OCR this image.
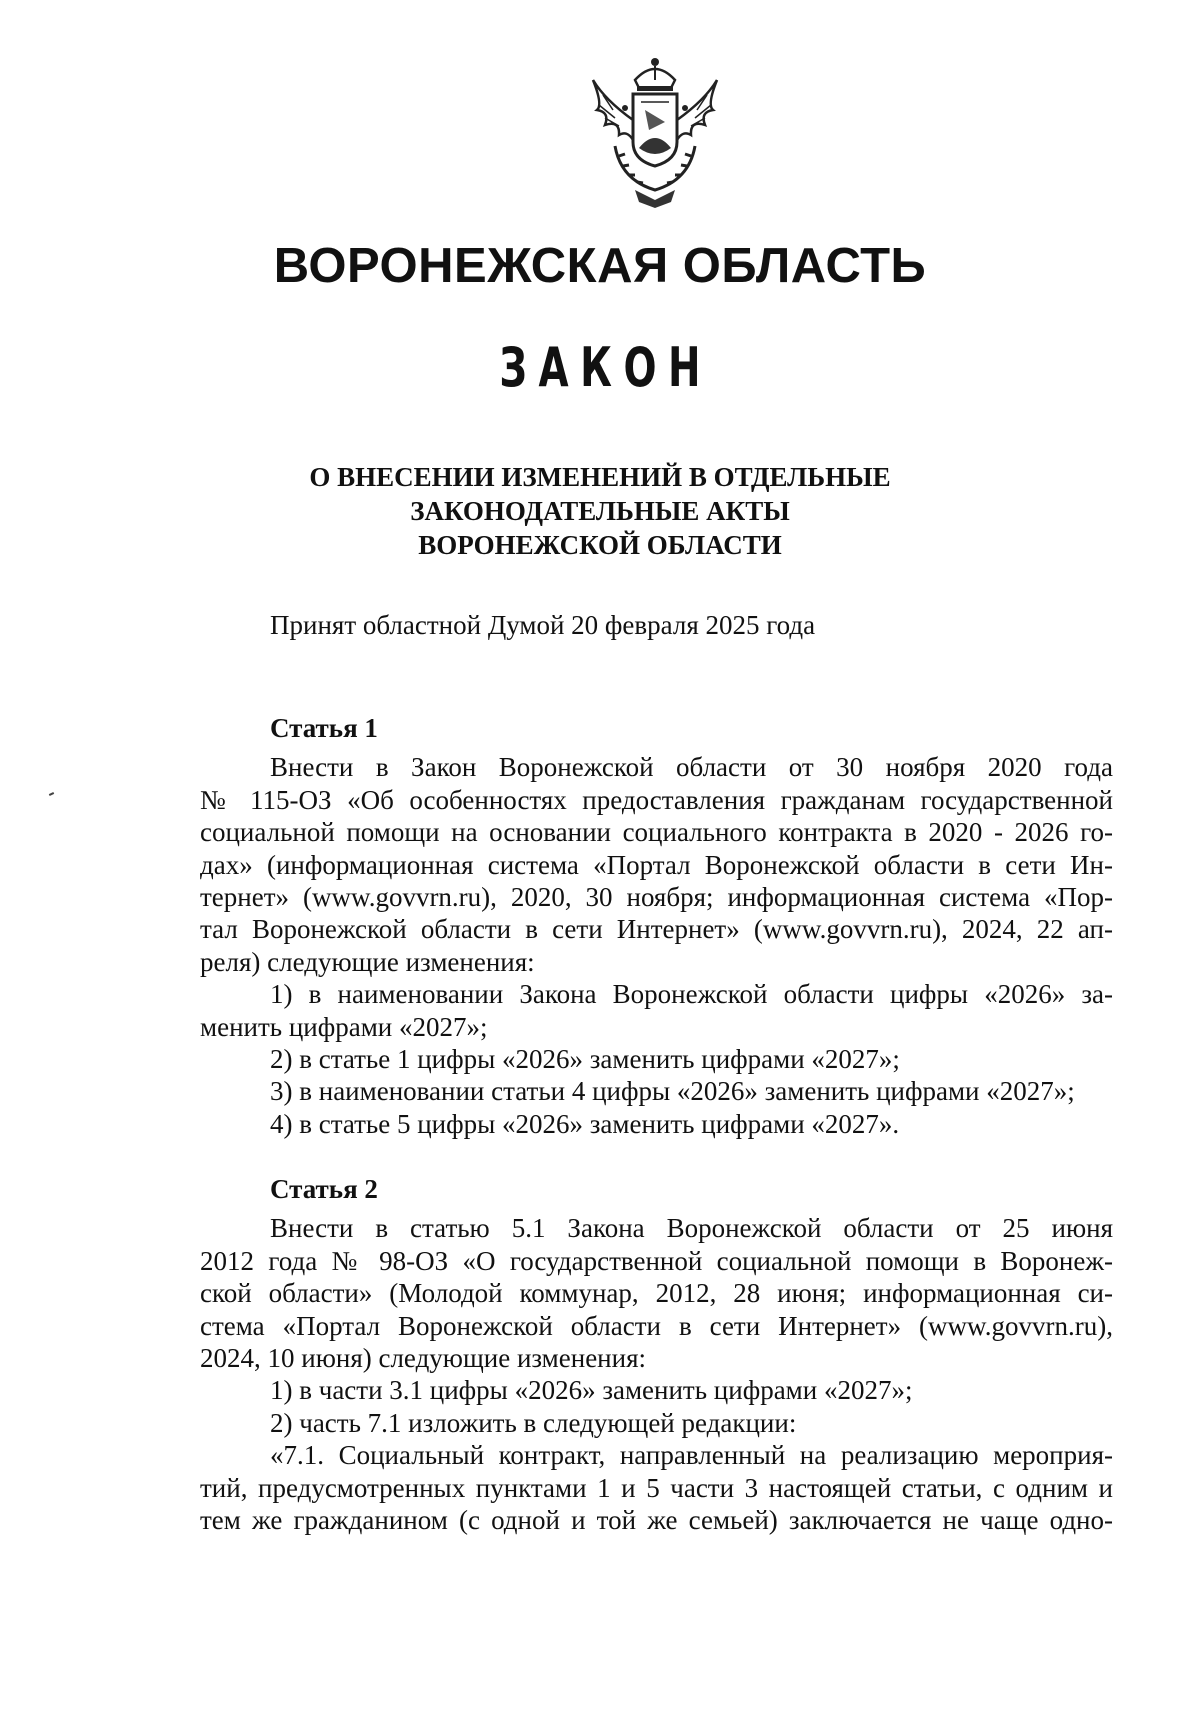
ВОРОНЕЖСКАЯ ОБЛАСТЬ
ЗАКОН
О ВНЕСЕНИИ ИЗМЕНЕНИЙ В ОТДЕЛЬНЫЕ
ЗАКОНОДАТЕЛЬНЫЕ АКТЫ
ВОРОНЕЖСКОЙ ОБЛАСТИ

Принят областной Думой 20 февраля 2025 года

Статья 1

Внести в Закон Воронежской области от 30 ноября 2020 года
№ 115-ОЗ «Об особенностях предоставления гражданам государственной
социальной помощи на основании социального контракта в 2020 - 2026 го-
дах» (информационная система «Портал Воронежской области в сети Ин-
тернет» (www.govvrn.ru), 2020, 30 ноября; информационная система «Пор-
тал Воронежской области в сети Интернет» (www.govvrn.ru), 2024, 22 ап-
реля) следующие изменения:

1) в наименовании Закона Воронежской области цифры «2026» за-
менить цифрами «2027»;

2) в статье 1 цифры «2026» заменить цифрами «2027»;

3) в наименовании статьи 4 цифры «2026» заменить цифрами «2027»;

4) в статье 5 цифры «2026» заменить цифрами «2027».

Статья 2

Внести в статью 5.1 Закона Воронежской области от 25 июня
2012 года № 98-ОЗ «О государственной социальной помощи в Воронеж-
ской области» (Молодой коммунар, 2012, 28 июня; информационная си-
стема «Портал Воронежской области в сети Интернет» (www.govvrn.ru),
2024, 10 июня) следующие изменения:

1) в части 3.1 цифры «2026» заменить цифрами «2027»;

2) часть 7.1 изложить в следующей редакции:

«7.1. Социальный контракт, направленный на реализацию мероприя-
тий, предусмотренных пунктами 1 и 5 части 3 настоящей статьи, с одним и
тем же гражданином (с одной и той же семьей) заключается не чаще одно-
